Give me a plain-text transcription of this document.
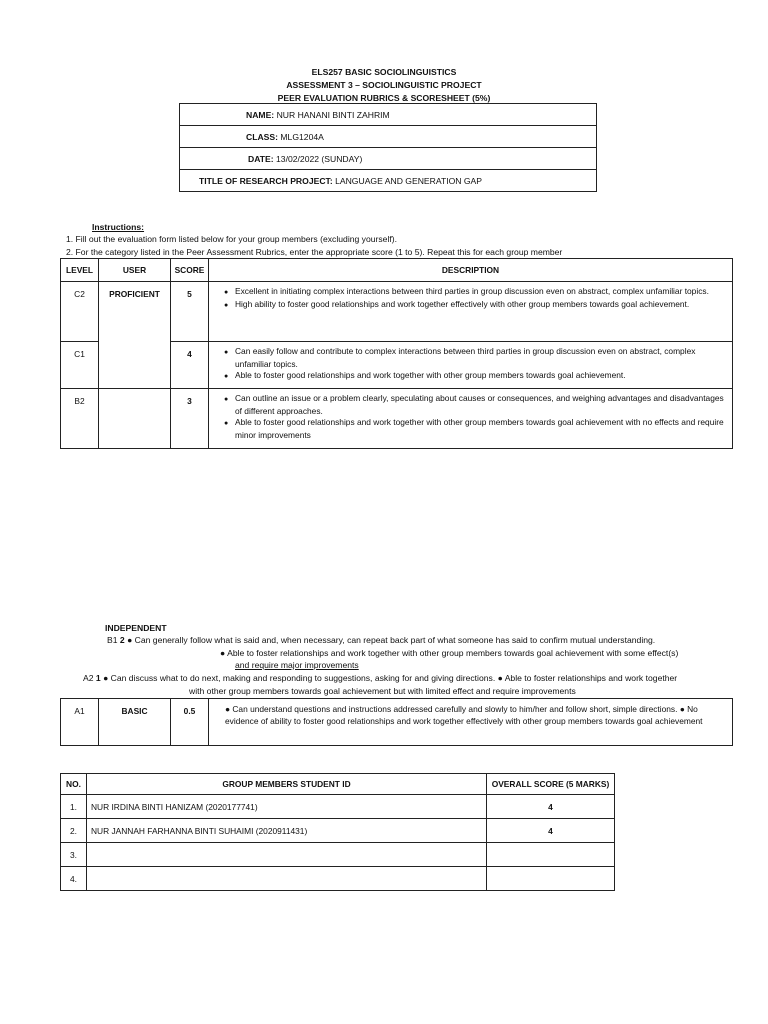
ELS257 BASIC SOCIOLINGUISTICS
ASSESSMENT 3 – SOCIOLINGUISTIC PROJECT
PEER EVALUATION RUBRICS & SCORESHEET (5%)
NAME: NUR HANANI BINTI ZAHRIM
CLASS: MLG1204A
DATE: 13/02/2022 (SUNDAY)
TITLE OF RESEARCH PROJECT: LANGUAGE AND GENERATION GAP
Instructions:
1. Fill out the evaluation form listed below for your group members (excluding yourself).
2. For the category listed in the Peer Assessment Rubrics, enter the appropriate score (1 to 5). Repeat this for each group member
LEVEL	USER	SCORE	DESCRIPTION
C2	PROFICIENT	5	● Excellent in initiating complex interactions between third parties in group discussion even on abstract, complex unfamiliar topics.
● High ability to foster good relationships and work together effectively with other group members towards goal achievement.

C1		4	● Can easily follow and contribute to complex interactions between third parties in group discussion even on abstract, complex unfamiliar topics.
● Able to foster good relationships and work together with other group members towards goal achievement.

B2		3	● Can outline an issue or a problem clearly, speculating about causes or consequences, and weighing advantages and disadvantages of different approaches.
● Able to foster good relationships and work together with other group members towards goal achievement with no effects and require minor improvements
INDEPENDENT
B1 2 ● Can generally follow what is said and, when necessary, can repeat back part of what someone has said to confirm mutual understanding.
● Able to foster relationships and work together with other group members towards goal achievement with some effect(s)
and require major improvements
A2 1 ● Can discuss what to do next, making and responding to suggestions, asking for and giving directions. ● Able to foster relationships and work together
with other group members towards goal achievement but with limited effect and require improvements
A1	BASIC	0.5	● Can understand questions and instructions addressed carefully and slowly to him/her and follow short, simple directions. ● No evidence of ability to foster good relationships and work together effectively with other group members towards goal achievement
NO.	GROUP MEMBERS STUDENT ID	OVERALL SCORE (5 MARKS)
1.	NUR IRDINA BINTI HANIZAM (2020177741)	4
2.	NUR JANNAH FARHANNA BINTI SUHAIMI (2020911431)	4
3.		
4.		
